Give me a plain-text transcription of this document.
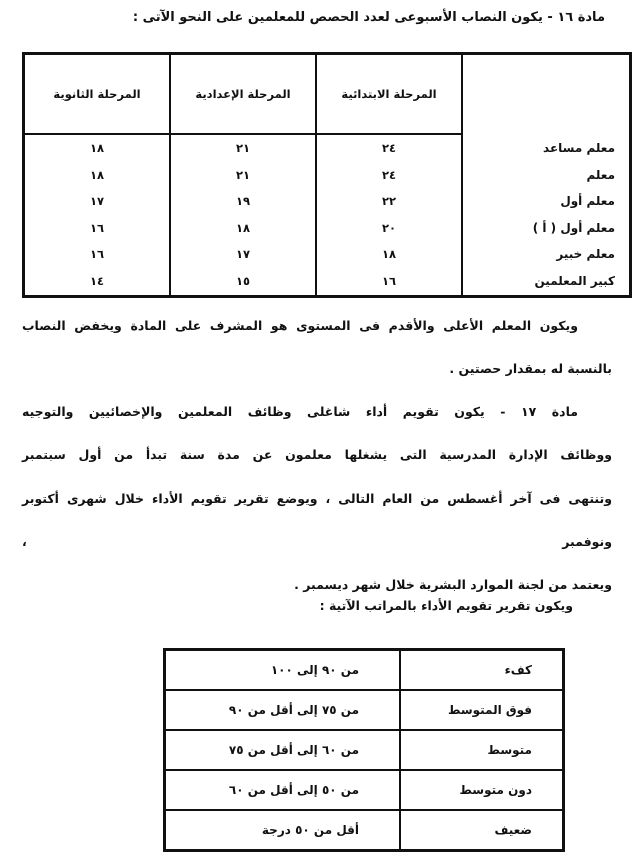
مادة ١٦ - يكون النصاب الأسبوعى لعدد الحصص للمعلمين على النحو الآتى :
	المرحلة الابتدائية	المرحلة الإعدادية	المرحلة الثانوية
معلم مساعد	٢٤	٢١	١٨
معلم	٢٤	٢١	١٨
معلم أول	٢٢	١٩	١٧
معلم أول ( أ )	٢٠	١٨	١٦
معلم خبير	١٨	١٧	١٦
كبير المعلمين	١٦	١٥	١٤
ويكون المعلم الأعلى والأقدم فى المستوى هو المشرف على المادة ويخفض النصاب
بالنسبة له بمقدار حصتين .
مادة ١٧ - يكون تقويم أداء شاغلى وظائف المعلمين والإخصائيين والتوجيه
ووظائف الإدارة المدرسية التى يشغلها معلمون عن مدة سنة تبدأ من أول سبتمبر
وتنتهى فى آخر أغسطس من العام التالى ، ويوضع تقرير تقويم الأداء خلال شهرى أكتوبر ونوفمبر ،
ويعتمد من لجنة الموارد البشرية خلال شهر ديسمبر .
ويكون تقرير تقويم الأداء بالمراتب الآتية :
كفء	من ٩٠ إلى ١٠٠
فوق المتوسط	من ٧٥ إلى أقل من ٩٠
متوسط	من ٦٠ إلى أقل من ٧٥
دون متوسط	من ٥٠ إلى أقل من ٦٠
ضعيف	أقل من ٥٠ درجة
